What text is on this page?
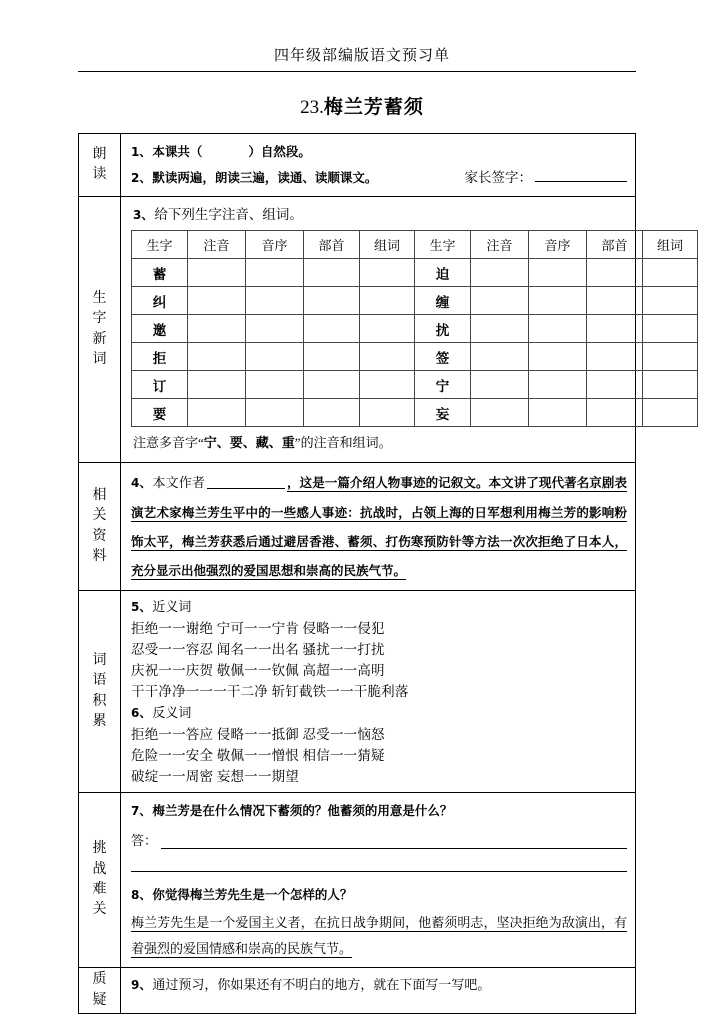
四年级部编版语文预习单
23.梅兰芳蓄须
朗读
1、 本课共（	）自然段。
2、 默读两遍，朗读三遍，读通、读顺课文。	家长签字：
生字新词
3、给下列生字注音、组词。
生字	注音	音序	部首	组词	生字	注音	音序	部首	组词
蓄					迫				
纠					缠				
邀					扰				
拒					签				
订					宁				
要					妄				
注意多音字“宁、要、藏、重”的注音和组词。
相关资料
4、本文作者	，这是一篇介绍人物事迹的记叙文。本文讲了现代著名京剧表演艺术家梅兰芳生平中的一些感人事迹：抗战时，占领上海的日军想利用梅兰芳的影响粉饰太平，梅兰芳获悉后通过避居香港、蓄须、打伤寒预防针等方法一次次拒绝了日本人，充分显示出他强烈的爱国思想和崇高的民族气节。
词语积累
5、近义词
拒绝一一谢绝 宁可一一宁肯 侵略一一侵犯
忍受一一容忍 闻名一一出名 骚扰一一打扰
庆祝一一庆贺 敬佩一一钦佩 高超一一高明
干干净净一一一干二净 斩钉截铁一一干脆利落
6、反义词
拒绝一一答应 侵略一一抵御 忍受一一恼怒
危险一一安全 敬佩一一憎恨 相信一一猜疑
破绽一一周密 妄想一一期望
挑战难关
7、梅兰芳是在什么情况下蓄须的？他蓄须的用意是什么？
答：
8、你觉得梅兰芳先生是一个怎样的人？
梅兰芳先生是一个爱国主义者，在抗日战争期间，他蓄须明志，坚决拒绝为敌演出，有着强烈的爱国情感和崇高的民族气节。
质疑
9、通过预习，你如果还有不明白的地方，就在下面写一写吧。
